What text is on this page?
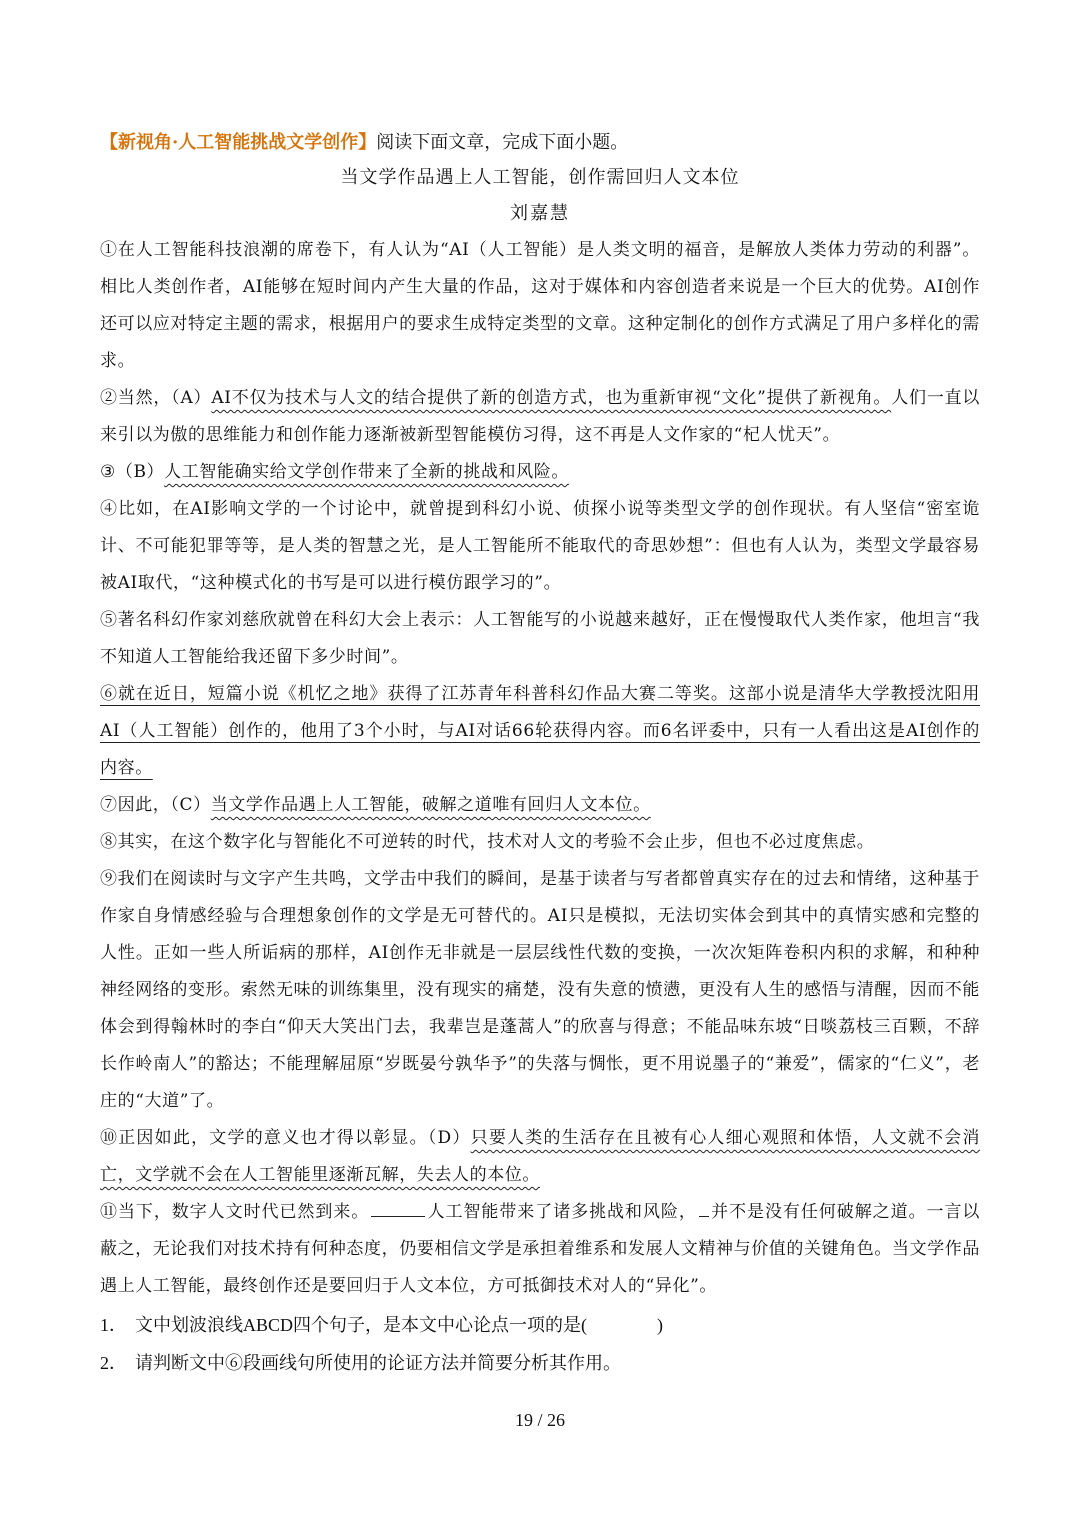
【新视角·人工智能挑战文学创作】阅读下面文章，完成下面小题。
当文学作品遇上人工智能，创作需回归人文本位
刘嘉慧
①在人工智能科技浪潮的席卷下，有人认为“AI（人工智能）是人类文明的福音，是解放人类体力劳动的利器”。相比人类创作者，AI能够在短时间内产生大量的作品，这对于媒体和内容创造者来说是一个巨大的优势。AI创作还可以应对特定主题的需求，根据用户的要求生成特定类型的文章。这种定制化的创作方式满足了用户多样化的需求。
②当然，（A）AI不仅为技术与人文的结合提供了新的创造方式，也为重新审视“文化”提供了新视角。人们一直以来引以为傲的思维能力和创作能力逐渐被新型智能模仿习得，这不再是人文作家的“杞人忧天”。
③（B）人工智能确实给文学创作带来了全新的挑战和风险。
④比如，在AI影响文学的一个讨论中，就曾提到科幻小说、侦探小说等类型文学的创作现状。有人坚信“密室诡计、不可能犯罪等等，是人类的智慧之光，是人工智能所不能取代的奇思妙想”：但也有人认为，类型文学最容易被AI取代，“这种模式化的书写是可以进行模仿跟学习的”。
⑤著名科幻作家刘慈欣就曾在科幻大会上表示：人工智能写的小说越来越好，正在慢慢取代人类作家，他坦言“我不知道人工智能给我还留下多少时间”。
⑥就在近日，短篇小说《机忆之地》获得了江苏青年科普科幻作品大赛二等奖。这部小说是清华大学教授沈阳用AI（人工智能）创作的，他用了3个小时，与AI对话66轮获得内容。而6名评委中，只有一人看出这是AI创作的内容。
⑦因此，（C）当文学作品遇上人工智能，破解之道唯有回归人文本位。
⑧其实，在这个数字化与智能化不可逆转的时代，技术对人文的考验不会止步，但也不必过度焦虑。
⑨我们在阅读时与文字产生共鸣，文学击中我们的瞬间，是基于读者与写者都曾真实存在的过去和情绪，这种基于作家自身情感经验与合理想象创作的文学是无可替代的。AI只是模拟，无法切实体会到其中的真情实感和完整的人性。正如一些人所诟病的那样，AI创作无非就是一层层线性代数的变换，一次次矩阵卷积内积的求解，和种种神经网络的变形。索然无味的训练集里，没有现实的痛楚，没有失意的愤懑，更没有人生的感悟与清醒，因而不能体会到得翰林时的李白“仰天大笑出门去，我辈岂是蓬蒿人”的欣喜与得意；不能品味东坡“日啖荔枝三百颗，不辞长作岭南人”的豁达；不能理解屈原“岁既晏兮孰华予”的失落与惆怅，更不用说墨子的“兼爱”，儒家的“仁义”，老庄的“大道”了。
⑩正因如此，文学的意义也才得以彰显。（D）只要人类的生活存在且被有心人细心观照和体悟，人文就不会消亡，文学就不会在人工智能里逐渐瓦解，失去人的本位。
⑪当下，数字人文时代已然到来。	人工智能带来了诸多挑战和风险， 并不是没有任何破解之道。一言以蔽之，无论我们对技术持有何种态度，仍要相信文学是承担着维系和发展人文精神与价值的关键角色。当文学作品遇上人工智能，最终创作还是要回归于人文本位，方可抵御技术对人的“异化”。
1． 文中划波浪线ABCD四个句子，是本文中心论点一项的是(	)
2． 请判断文中⑥段画线句所使用的论证方法并简要分析其作用。
19 / 26
